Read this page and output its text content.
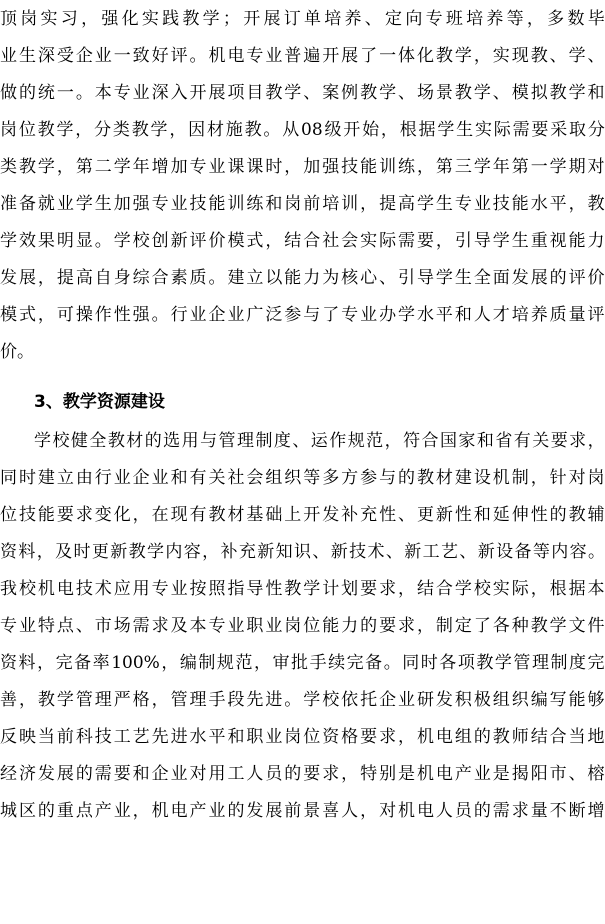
顶 岗 实 习 ， 强 化 实 践 教 学 ； 开 展 订 单 培 养 、 定 向 专 班 培 养 等 ， 多 数 毕
业 生 深 受 企 业 一 致 好 评 。 机 电 专 业 普 遍 开 展 了 一 体 化 教 学 ， 实 现 教 、 学 、
做 的 统 一 。 本 专 业 深 入 开 展 项 目 教 学 、 案 例 教 学 、 场 景 教 学 、 模 拟 教 学 和
岗 位 教 学 ， 分 类 教 学 ， 因 材 施 教 。 从 08 级 开 始 ， 根 据 学 生 实 际 需 要 采 取 分
类 教 学 ， 第 二 学 年 增 加 专 业 课 课 时 ， 加 强 技 能 训 练 ， 第 三 学 年 第 一 学 期 对
准 备 就 业 学 生 加 强 专 业 技 能 训 练 和 岗 前 培 训 ， 提 高 学 生 专 业 技 能 水 平 ， 教
学 效 果 明 显 。 学 校 创 新 评 价 模 式 ， 结 合 社 会 实 际 需 要 ， 引 导 学 生 重 视 能 力
发 展 ， 提 高 自 身 综 合 素 质 。 建 立 以 能 力 为 核 心 、 引 导 学 生 全 面 发 展 的 评 价
模 式 ， 可 操 作 性 强 。 行 业 企 业 广 泛 参 与 了 专 业 办 学 水 平 和 人 才 培 养 质 量 评
价。
3、教学资源建设
学 校 健 全 教 材 的 选 用 与 管 理 制 度 、 运 作 规 范 ， 符 合 国 家 和 省 有 关 要 求 ，
同 时 建 立 由 行 业 企 业 和 有 关 社 会 组 织 等 多 方 参 与 的 教 材 建 设 机 制 ， 针 对 岗
位 技 能 要 求 变 化 ， 在 现 有 教 材 基 础 上 开 发 补 充 性 、 更 新 性 和 延 伸 性 的 教 辅
资 料 ， 及 时 更 新 教 学 内 容 ， 补 充 新 知 识 、 新 技 术 、 新 工 艺 、 新 设 备 等 内 容 。
我 校 机 电 技 术 应 用 专 业 按 照 指 导 性 教 学 计 划 要 求 ， 结 合 学 校 实 际 ， 根 据 本
专 业 特 点 、 市 场 需 求 及 本 专 业 职 业 岗 位 能 力 的 要 求 ， 制 定 了 各 种 教 学 文 件
资 料 ， 完 备 率 100% ， 编 制 规 范 ， 审 批 手 续 完 备 。 同 时 各 项 教 学 管 理 制 度 完
善 ， 教 学 管 理 严 格 ， 管 理 手 段 先 进 。 学 校 依 托 企 业 研 发 积 极 组 织 编 写 能 够
反 映 当 前 科 技 工 艺 先 进 水 平 和 职 业 岗 位 资 格 要 求 ， 机 电 组 的 教 师 结 合 当 地
经 济 发 展 的 需 要 和 企 业 对 用 工 人 员 的 要 求 ， 特 别 是 机 电 产 业 是 揭 阳 市 、 榕
城 区 的 重 点 产 业 ， 机 电 产 业 的 发 展 前 景 喜 人 ， 对 机 电 人 员 的 需 求 量 不 断 增
